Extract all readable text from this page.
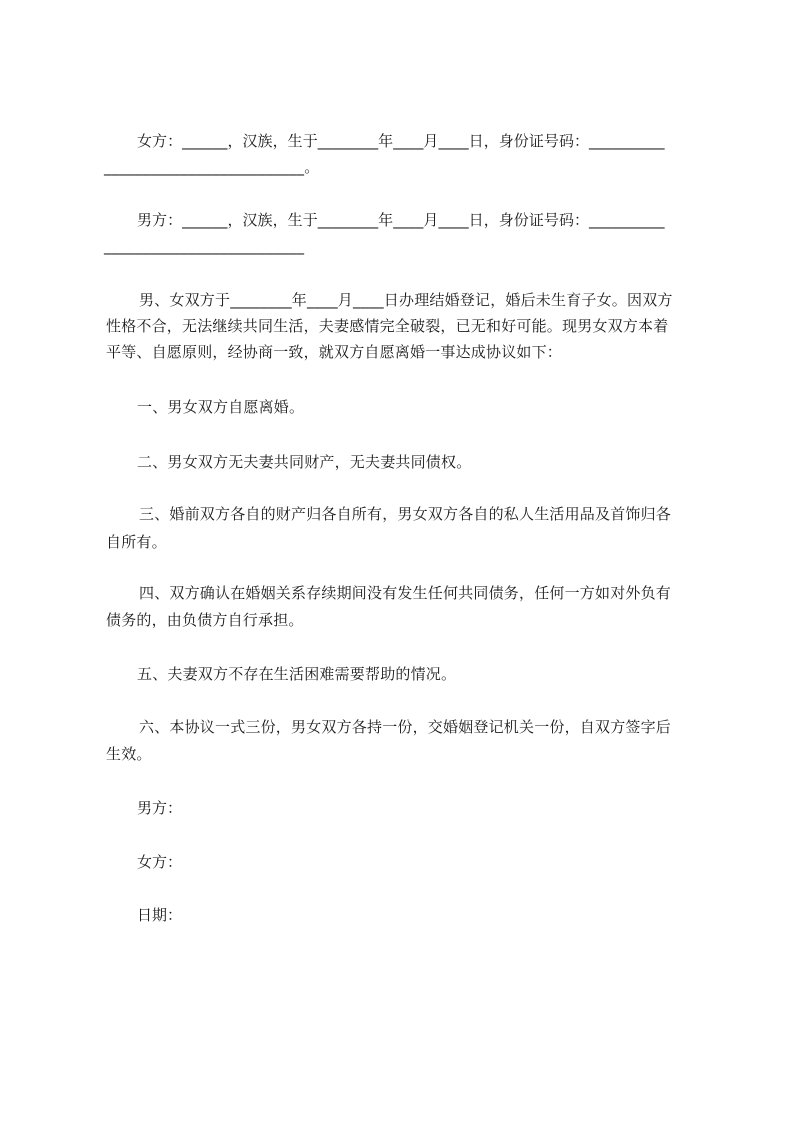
女方：______，汉族，生于________年____月____日，身份证号码：__________
__________________________。
男方：______，汉族，生于________年____月____日，身份证号码：__________
__________________________
男、女双方于________年____月____日办理结婚登记，婚后未生育子女。因双方
性格不合，无法继续共同生活，夫妻感情完全破裂，已无和好可能。现男女双方本着
平等、自愿原则，经协商一致，就双方自愿离婚一事达成协议如下：
一、男女双方自愿离婚。
二、男女双方无夫妻共同财产，无夫妻共同债权。
三、婚前双方各自的财产归各自所有，男女双方各自的私人生活用品及首饰归各
自所有。
四、双方确认在婚姻关系存续期间没有发生任何共同债务，任何一方如对外负有
债务的，由负债方自行承担。
五、夫妻双方不存在生活困难需要帮助的情况。
六、本协议一式三份，男女双方各持一份，交婚姻登记机关一份，自双方签字后
生效。
男方：
女方：
日期：
